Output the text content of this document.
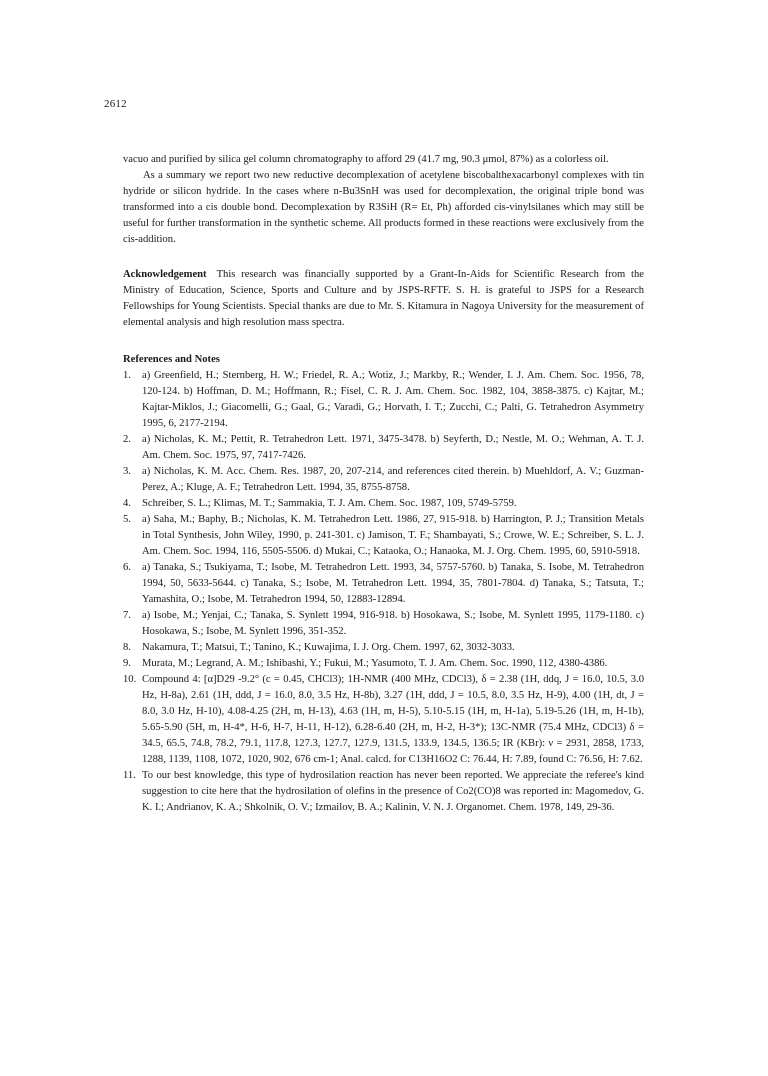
2612

vacuo and purified by silica gel column chromatography to afford 29 (41.7 mg, 90.3 μmol, 87%) as a colorless oil.

As a summary we report two new reductive decomplexation of acetylene biscobalthexacarbonyl complexes with tin hydride or silicon hydride. In the cases where n-Bu3SnH was used for decomplexation, the original triple bond was transformed into a cis double bond. Decomplexation by R3SiH (R= Et, Ph) afforded cis-vinylsilanes which may still be useful for further transformation in the synthetic scheme. All products formed in these reactions were exclusively from the cis-addition.

Acknowledgement This research was financially supported by a Grant-In-Aids for Scientific Research from the Ministry of Education, Science, Sports and Culture and by JSPS-RFTF. S. H. is grateful to JSPS for a Research Fellowships for Young Scientists. Special thanks are due to Mr. S. Kitamura in Nagoya University for the measurement of elemental analysis and high resolution mass spectra.

References and Notes

1. a) Greenfield, H.; Sternberg, H. W.; Friedel, R. A.; Wotiz, J.; Markby, R.; Wender, I. J. Am. Chem. Soc. 1956, 78, 120-124. b) Hoffman, D. M.; Hoffmann, R.; Fisel, C. R. J. Am. Chem. Soc. 1982, 104, 3858-3875. c) Kajtar, M.; Kajtar-Miklos, J.; Giacomelli, G.; Gaal, G.; Varadi, G.; Horvath, I. T.; Zucchi, C.; Palti, G. Tetrahedron Asymmetry 1995, 6, 2177-2194.
2. a) Nicholas, K. M.; Pettit, R. Tetrahedron Lett. 1971, 3475-3478. b) Seyferth, D.; Nestle, M. O.; Wehman, A. T. J. Am. Chem. Soc. 1975, 97, 7417-7426.
3. a) Nicholas, K. M. Acc. Chem. Res. 1987, 20, 207-214, and references cited therein. b) Muehldorf, A. V.; Guzman-Perez, A.; Kluge, A. F.; Tetrahedron Lett. 1994, 35, 8755-8758.
4. Schreiber, S. L.; Klimas, M. T.; Sammakia, T. J. Am. Chem. Soc. 1987, 109, 5749-5759.
5. a) Saha, M.; Baphy, B.; Nicholas, K. M. Tetrahedron Lett. 1986, 27, 915-918. b) Harrington, P. J.; Transition Metals in Total Synthesis, John Wiley, 1990, p. 241-301. c) Jamison, T. F.; Shambayati, S.; Crowe, W. E.; Schreiber, S. L. J. Am. Chem. Soc. 1994, 116, 5505-5506. d) Mukai, C.; Kataoka, O.; Hanaoka, M. J. Org. Chem. 1995, 60, 5910-5918.
6. a) Tanaka, S.; Tsukiyama, T.; Isobe, M. Tetrahedron Lett. 1993, 34, 5757-5760. b) Tanaka, S. Isobe, M. Tetrahedron 1994, 50, 5633-5644. c) Tanaka, S.; Isobe, M. Tetrahedron Lett. 1994, 35, 7801-7804. d) Tanaka, S.; Tatsuta, T.; Yamashita, O.; Isobe, M. Tetrahedron 1994, 50, 12883-12894.
7. a) Isobe, M.; Yenjai, C.; Tanaka, S. Synlett 1994, 916-918. b) Hosokawa, S.; Isobe, M. Synlett 1995, 1179-1180. c) Hosokawa, S.; Isobe, M. Synlett 1996, 351-352.
8. Nakamura, T.; Matsui, T.; Tanino, K.; Kuwajima, I. J. Org. Chem. 1997, 62, 3032-3033.
9. Murata, M.; Legrand, A. M.; Ishibashi, Y.; Fukui, M.; Yasumoto, T. J. Am. Chem. Soc. 1990, 112, 4380-4386.
10. Compound 4: [α]D29 -9.2° (c = 0.45, CHCl3); 1H-NMR (400 MHz, CDCl3), δ = 2.38 (1H, ddq, J = 16.0, 10.5, 3.0 Hz, H-8a), 2.61 (1H, ddd, J = 16.0, 8.0, 3.5 Hz, H-8b), 3.27 (1H, ddd, J = 10.5, 8.0, 3.5 Hz, H-9), 4.00 (1H, dt, J = 8.0, 3.0 Hz, H-10), 4.08-4.25 (2H, m, H-13), 4.63 (1H, m, H-5), 5.10-5.15 (1H, m, H-1a), 5.19-5.26 (1H, m, H-1b), 5.65-5.90 (5H, m, H-4*, H-6, H-7, H-11, H-12), 6.28-6.40 (2H, m, H-2, H-3*); 13C-NMR (75.4 MHz, CDCl3) δ = 34.5, 65.5, 74.8, 78.2, 79.1, 117.8, 127.3, 127.7, 127.9, 131.5, 133.9, 134.5, 136.5; IR (KBr): ν = 2931, 2858, 1733, 1288, 1139, 1108, 1072, 1020, 902, 676 cm-1; Anal. calcd. for C13H16O2 C: 76.44, H: 7.89, found C: 76.56, H: 7.62.
11. To our best knowledge, this type of hydrosilation reaction has never been reported. We appreciate the referee's kind suggestion to cite here that the hydrosilation of olefins in the presence of Co2(CO)8 was reported in: Magomedov, G. K. I.; Andrianov, K. A.; Shkolnik, O. V.; Izmailov, B. A.; Kalinin, V. N. J. Organomet. Chem. 1978, 149, 29-36.
